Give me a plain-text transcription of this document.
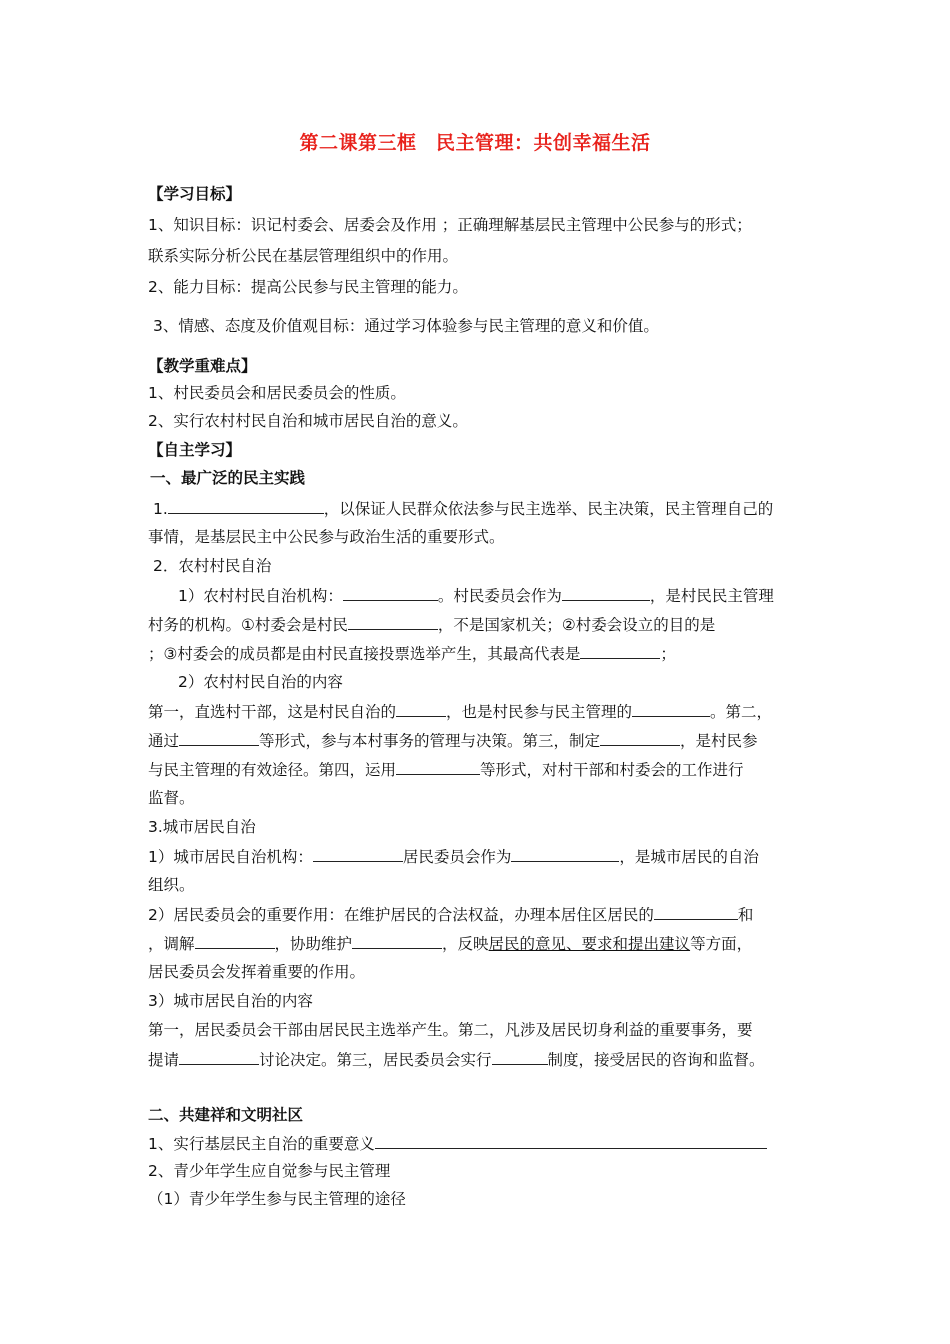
第二课第三框　民主管理：共创幸福生活
【学习目标】
1、知识目标：识记村委会、居委会及作用 ；正确理解基层民主管理中公民参与的形式；
联系实际分析公民在基层管理组织中的作用。
2、能力目标：提高公民参与民主管理的能力。
3、情感、态度及价值观目标：通过学习体验参与民主管理的意义和价值。
【教学重难点】
1、村民委员会和居民委员会的性质。
2、实行农村村民自治和城市居民自治的意义。
【自主学习】
一、最广泛的民主实践
1.	，以保证人民群众依法参与民主选举、民主决策，民主管理自己的
事情，是基层民主中公民参与政治生活的重要形式。
2．农村村民自治
1）农村村民自治机构：	。村民委员会作为	，是村民民主管理
村务的机构。①村委会是村民	，不是国家机关；②村委会设立的目的是
；③村委会的成员都是由村民直接投票选举产生，其最高代表是	；
2）农村村民自治的内容
第一，直选村干部，这是村民自治的	，也是村民参与民主管理的	。第二，
通过	等形式，参与本村事务的管理与决策。第三，制定	，是村民参
与民主管理的有效途径。第四，运用	等形式，对村干部和村委会的工作进行
监督。
3.城市居民自治
1）城市居民自治机构：	居民委员会作为	，是城市居民的自治
组织。
2）居民委员会的重要作用：在维护居民的合法权益，办理本居住区居民的	和
，调解	，协助维护	，反映居民的意见、要求和提出建议等方面，
居民委员会发挥着重要的作用。
3）城市居民自治的内容
第一，居民委员会干部由居民民主选举产生。第二，凡涉及居民切身利益的重要事务，要
提请	讨论决定。第三，居民委员会实行	制度，接受居民的咨询和监督。
二、共建祥和文明社区
1、实行基层民主自治的重要意义
2、青少年学生应自觉参与民主管理
（1）青少年学生参与民主管理的途径
